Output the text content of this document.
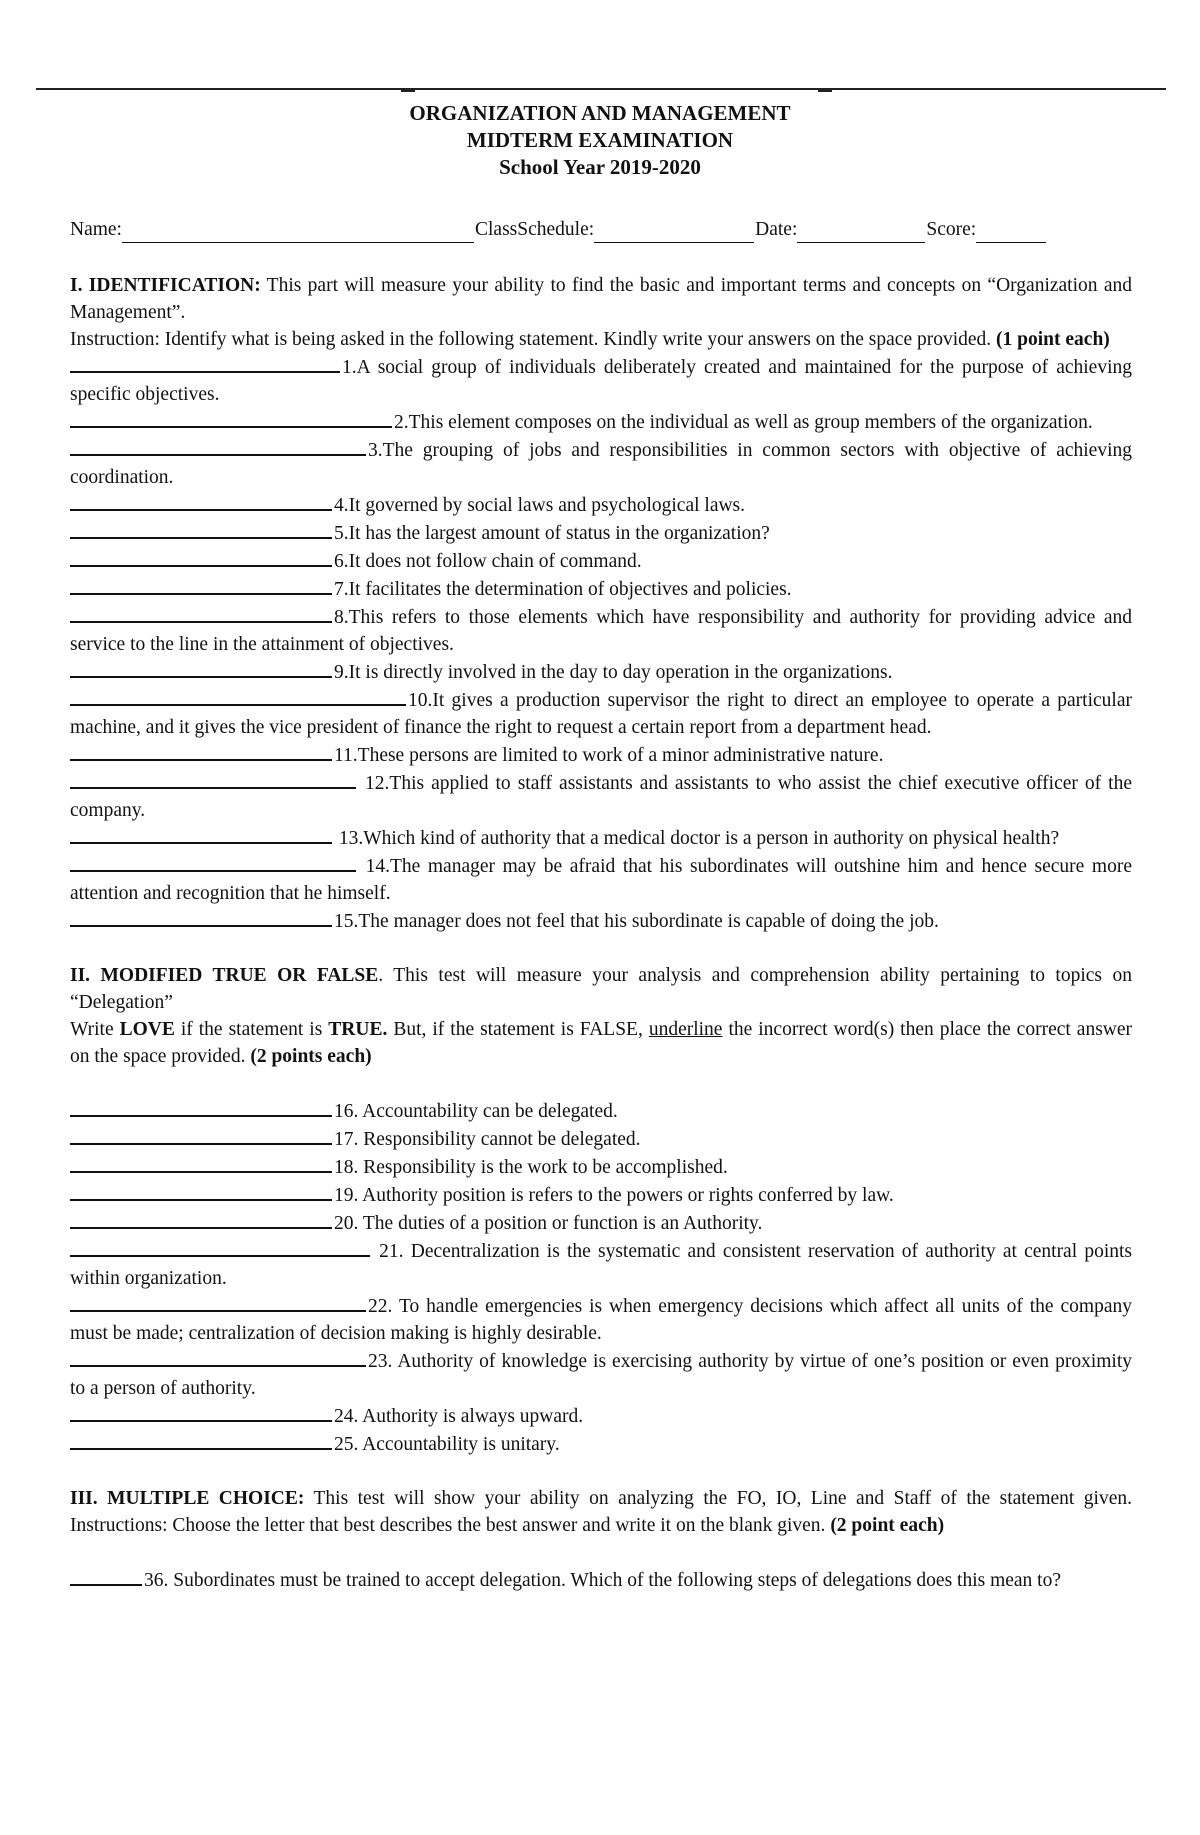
ORGANIZATION AND MANAGEMENT
MIDTERM EXAMINATION
School Year 2019-2020
Name:	ClassSchedule:	Date:	Score:

I. IDENTIFICATION: This part will measure your ability to find the basic and important terms and concepts on “Organization and Management”.

Instruction: Identify what is being asked in the following statement. Kindly write your answers on the space provided. (1 point each)

1.A social group of individuals deliberately created and maintained for the purpose of achieving specific objectives.

2.This element composes on the individual as well as group members of the organization.

3.The grouping of jobs and responsibilities in common sectors with objective of achieving coordination.

4.It governed by social laws and psychological laws.

5.It has the largest amount of status in the organization?

6.It does not follow chain of command.

7.It facilitates the determination of objectives and policies.

8.This refers to those elements which have responsibility and authority for providing advice and service to the line in the attainment of objectives.

9.It is directly involved in the day to day operation in the organizations.

10.It gives a production supervisor the right to direct an employee to operate a particular machine, and it gives the vice president of finance the right to request a certain report from a department head.

11.These persons are limited to work of a minor administrative nature.

12.This applied to staff assistants and assistants to who assist the chief executive officer of the company.

13.Which kind of authority that a medical doctor is a person in authority on physical health?

14.The manager may be afraid that his subordinates will outshine him and hence secure more attention and recognition that he himself.

15.The manager does not feel that his subordinate is capable of doing the job.

II. MODIFIED TRUE OR FALSE. This test will measure your analysis and comprehension ability pertaining to topics on “Delegation”

Write LOVE if the statement is TRUE. But, if the statement is FALSE, underline the incorrect word(s) then place the correct answer on the space provided. (2 points each)

16. Accountability can be delegated.

17. Responsibility cannot be delegated.

18. Responsibility is the work to be accomplished.

19. Authority position is refers to the powers or rights conferred by law.

20. The duties of a position or function is an Authority.

21. Decentralization is the systematic and consistent reservation of authority at central points within organization.

22. To handle emergencies is when emergency decisions which affect all units of the company must be made; centralization of decision making is highly desirable.

23. Authority of knowledge is exercising authority by virtue of one’s position or even proximity to a person of authority.

24. Authority is always upward.

25. Accountability is unitary.

III. MULTIPLE CHOICE: This test will show your ability on analyzing the FO, IO, Line and Staff of the statement given. Instructions: Choose the letter that best describes the best answer and write it on the blank given. (2 point each)

36. Subordinates must be trained to accept delegation. Which of the following steps of delegations does this mean to?
